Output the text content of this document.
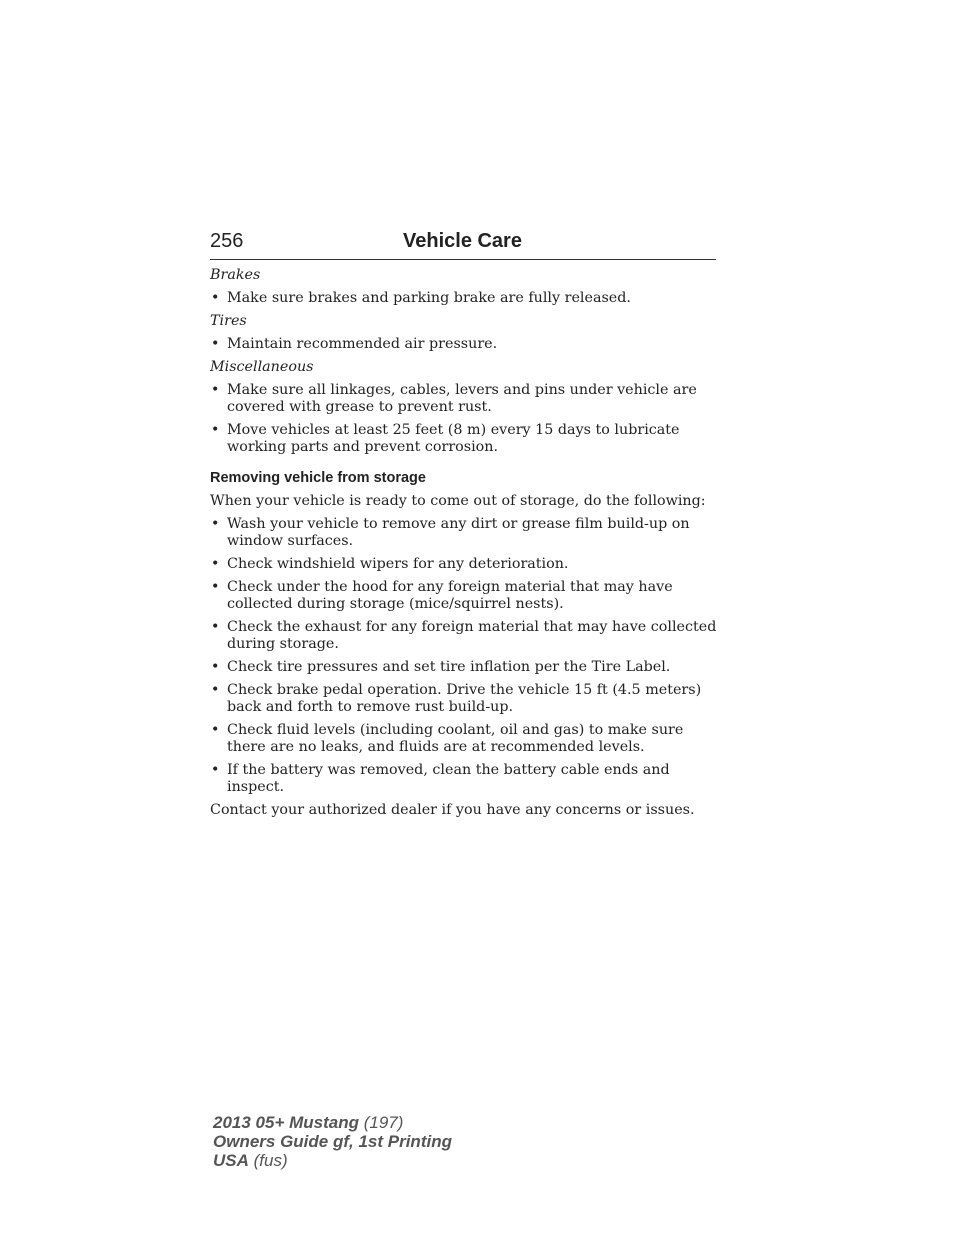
256	Vehicle Care
Brakes
• Make sure brakes and parking brake are fully released.
Tires
• Maintain recommended air pressure.
Miscellaneous
• Make sure all linkages, cables, levers and pins under vehicle are covered with grease to prevent rust.
• Move vehicles at least 25 feet (8 m) every 15 days to lubricate working parts and prevent corrosion.
Removing vehicle from storage

When your vehicle is ready to come out of storage, do the following:

• Wash your vehicle to remove any dirt or grease film build-up on window surfaces.
• Check windshield wipers for any deterioration.
• Check under the hood for any foreign material that may have collected during storage (mice/squirrel nests).
• Check the exhaust for any foreign material that may have collected during storage.
• Check tire pressures and set tire inflation per the Tire Label.
• Check brake pedal operation. Drive the vehicle 15 ft (4.5 meters) back and forth to remove rust build-up.
• Check fluid levels (including coolant, oil and gas) to make sure there are no leaks, and fluids are at recommended levels.
• If the battery was removed, clean the battery cable ends and inspect.

Contact your authorized dealer if you have any concerns or issues.

2013 05+ Mustang (197)
Owners Guide gf, 1st Printing
USA (fus)
